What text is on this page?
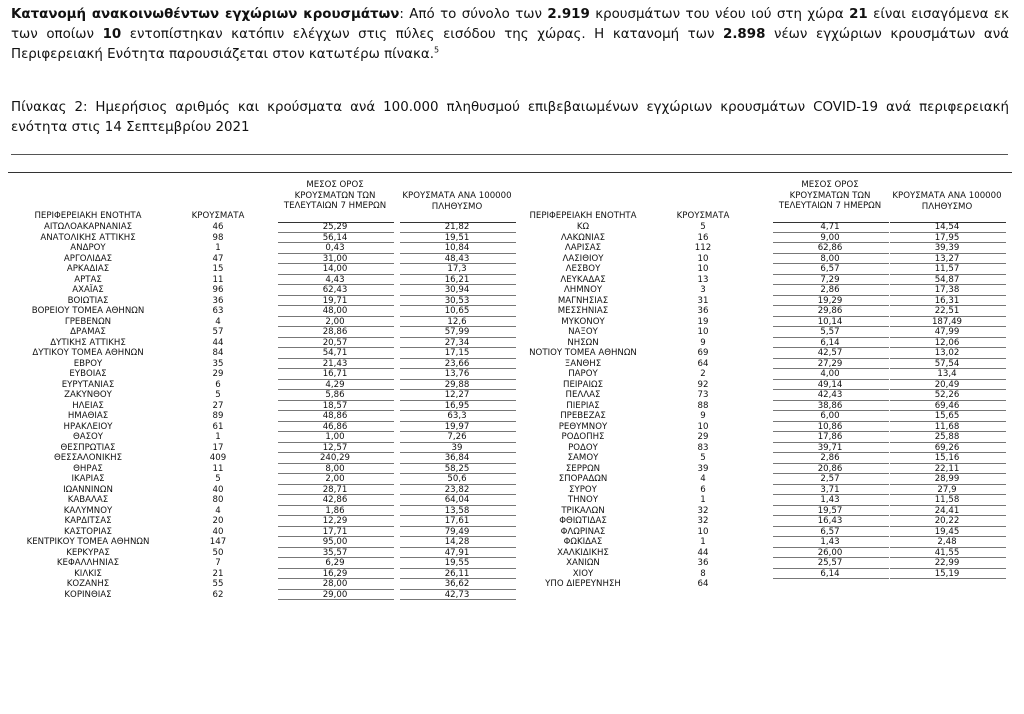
Κατανομή ανακοινωθέντων εγχώριων κρουσμάτων: Από το σύνολο των 2.919 κρουσμάτων του νέου ιού στη χώρα 21 είναι εισαγόμενα εκ των οποίων 10 εντοπίστηκαν κατόπιν ελέγχων στις πύλες εισόδου της χώρας. Η κατανομή των 2.898 νέων εγχώριων κρουσμάτων ανά Περιφερειακή Ενότητα παρουσιάζεται στον κατωτέρω πίνακα.$^5$
Πίνακας 2: Ημερήσιος αριθμός και κρούσματα ανά 100.000 πληθυσμού επιβεβαιωμένων εγχώριων κρουσμάτων COVID-19 ανά περιφερειακή ενότητα στις 14 Σεπτεμβρίου 2021
ΠΕΡΙΦΕΡΕΙΑΚΗ ΕΝΟΤΗΤΑ	ΚΡΟΥΣΜΑΤΑ
ΜΕΣΟΣ ΟΡΟΣ
ΚΡΟΥΣΜΑΤΩΝ ΤΩΝ
ΤΕΛΕΥΤΑΙΩΝ 7 ΗΜΕΡΩΝ
ΚΡΟΥΣΜΑΤΑ ΑΝΑ 100000
ΠΛΗΘΥΣΜΟ
ΠΕΡΙΦΕΡΕΙΑΚΗ ΕΝΟΤΗΤΑ	ΚΡΟΥΣΜΑΤΑ
ΜΕΣΟΣ ΟΡΟΣ
ΚΡΟΥΣΜΑΤΩΝ ΤΩΝ
ΤΕΛΕΥΤΑΙΩΝ 7 ΗΜΕΡΩΝ
ΚΡΟΥΣΜΑΤΑ ΑΝΑ 100000
ΠΛΗΘΥΣΜΟ
ΑΙΤΩΛΟΑΚΑΡΝΑΝΙΑΣ	46	25,29	21,82
ΑΝΑΤΟΛΙΚΗΣ ΑΤΤΙΚΗΣ	98	56,14	19,51
ΑΝΔΡΟΥ	1	0,43	10,84
ΑΡΓΟΛΙΔΑΣ	47	31,00	48,43
ΑΡΚΑΔΙΑΣ	15	14,00	17,3
ΑΡΤΑΣ	11	4,43	16,21
ΑΧΑΪΑΣ	96	62,43	30,94
ΒΟΙΩΤΙΑΣ	36	19,71	30,53
ΒΟΡΕΙΟΥ ΤΟΜΕΑ ΑΘΗΝΩΝ	63	48,00	10,65
ΓΡΕΒΕΝΩΝ	4	2,00	12,6
ΔΡΑΜΑΣ	57	28,86	57,99
ΔΥΤΙΚΗΣ ΑΤΤΙΚΗΣ	44	20,57	27,34
ΔΥΤΙΚΟΥ ΤΟΜΕΑ ΑΘΗΝΩΝ	84	54,71	17,15
ΕΒΡΟΥ	35	21,43	23,66
ΕΥΒΟΙΑΣ	29	16,71	13,76
ΕΥΡΥΤΑΝΙΑΣ	6	4,29	29,88
ΖΑΚΥΝΘΟΥ	5	5,86	12,27
ΗΛΕΙΑΣ	27	18,57	16,95
ΗΜΑΘΙΑΣ	89	48,86	63,3
ΗΡΑΚΛΕΙΟΥ	61	46,86	19,97
ΘΑΣΟΥ	1	1,00	7,26
ΘΕΣΠΡΩΤΙΑΣ	17	12,57	39
ΘΕΣΣΑΛΟΝΙΚΗΣ	409	240,29	36,84
ΘΗΡΑΣ	11	8,00	58,25
ΙΚΑΡΙΑΣ	5	2,00	50,6
ΙΩΑΝΝΙΝΩΝ	40	28,71	23,82
ΚΑΒΑΛΑΣ	80	42,86	64,04
ΚΑΛΥΜΝΟΥ	4	1,86	13,58
ΚΑΡΔΙΤΣΑΣ	20	12,29	17,61
ΚΑΣΤΟΡΙΑΣ	40	17,71	79,49
ΚΕΝΤΡΙΚΟΥ ΤΟΜΕΑ ΑΘΗΝΩΝ	147	95,00	14,28
ΚΕΡΚΥΡΑΣ	50	35,57	47,91
ΚΕΦΑΛΛΗΝΙΑΣ	7	6,29	19,55
ΚΙΛΚΙΣ	21	16,29	26,11
ΚΟΖΑΝΗΣ	55	28,00	36,62
ΚΟΡΙΝΘΙΑΣ	62	29,00	42,73
ΚΩ	5	4,71	14,54
ΛΑΚΩΝΙΑΣ	16	9,00	17,95
ΛΑΡΙΣΑΣ	112	62,86	39,39
ΛΑΣΙΘΙΟΥ	10	8,00	13,27
ΛΕΣΒΟΥ	10	6,57	11,57
ΛΕΥΚΑΔΑΣ	13	7,29	54,87
ΛΗΜΝΟΥ	3	2,86	17,38
ΜΑΓΝΗΣΙΑΣ	31	19,29	16,31
ΜΕΣΣΗΝΙΑΣ	36	29,86	22,51
ΜΥΚΟΝΟΥ	19	10,14	187,49
ΝΑΞΟΥ	10	5,57	47,99
ΝΗΣΩΝ	9	6,14	12,06
ΝΟΤΙΟΥ ΤΟΜΕΑ ΑΘΗΝΩΝ	69	42,57	13,02
ΞΑΝΘΗΣ	64	27,29	57,54
ΠΑΡΟΥ	2	4,00	13,4
ΠΕΙΡΑΙΩΣ	92	49,14	20,49
ΠΕΛΛΑΣ	73	42,43	52,26
ΠΙΕΡΙΑΣ	88	38,86	69,46
ΠΡΕΒΕΖΑΣ	9	6,00	15,65
ΡΕΘΥΜΝΟΥ	10	10,86	11,68
ΡΟΔΟΠΗΣ	29	17,86	25,88
ΡΟΔΟΥ	83	39,71	69,26
ΣΑΜΟΥ	5	2,86	15,16
ΣΕΡΡΩΝ	39	20,86	22,11
ΣΠΟΡΑΔΩΝ	4	2,57	28,99
ΣΥΡΟΥ	6	3,71	27,9
ΤΗΝΟΥ	1	1,43	11,58
ΤΡΙΚΑΛΩΝ	32	19,57	24,41
ΦΘΙΩΤΙΔΑΣ	32	16,43	20,22
ΦΛΩΡΙΝΑΣ	10	6,57	19,45
ΦΩΚΙΔΑΣ	1	1,43	2,48
ΧΑΛΚΙΔΙΚΗΣ	44	26,00	41,55
ΧΑΝΙΩΝ	36	25,57	22,99
ΧΙΟΥ	8	6,14	15,19
ΥΠΟ ΔΙΕΡΕΥΝΗΣΗ	64
